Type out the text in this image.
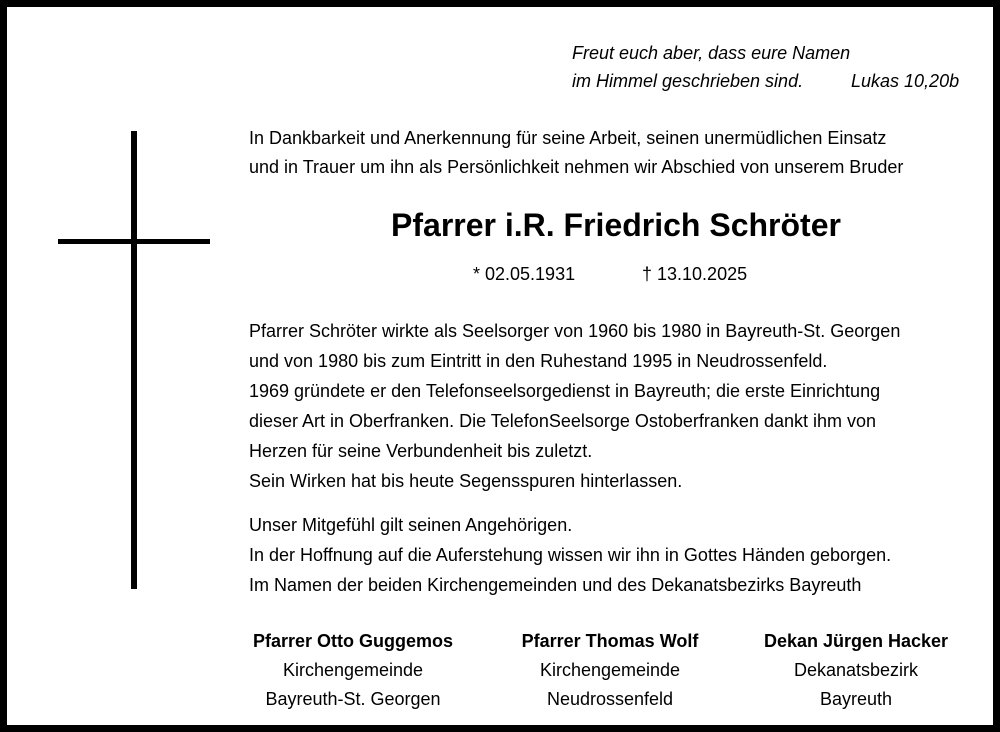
Freut euch aber, dass eure Namen
im Himmel geschrieben sind.	Lukas 10,20b
In Dankbarkeit und Anerkennung für seine Arbeit, seinen unermüdlichen Einsatz
und in Trauer um ihn als Persönlichkeit nehmen wir Abschied von unserem Bruder
Pfarrer i.R. Friedrich Schröter
* 02.05.1931	† 13.10.2025
Pfarrer Schröter wirkte als Seelsorger von 1960 bis 1980 in Bayreuth-St. Georgen
und von 1980 bis zum Eintritt in den Ruhestand 1995 in Neudrossenfeld.
1969 gründete er den Telefonseelsorgedienst in Bayreuth; die erste Einrichtung
dieser Art in Oberfranken. Die TelefonSeelsorge Ostoberfranken dankt ihm von
Herzen für seine Verbundenheit bis zuletzt.
Sein Wirken hat bis heute Segensspuren hinterlassen.
Unser Mitgefühl gilt seinen Angehörigen.
In der Hoffnung auf die Auferstehung wissen wir ihn in Gottes Händen geborgen.
Im Namen der beiden Kirchengemeinden und des Dekanatsbezirks Bayreuth
Pfarrer Otto Guggemos
Kirchengemeinde
Bayreuth-St. Georgen
Pfarrer Thomas Wolf
Kirchengemeinde
Neudrossenfeld
Dekan Jürgen Hacker
Dekanatsbezirk
Bayreuth
